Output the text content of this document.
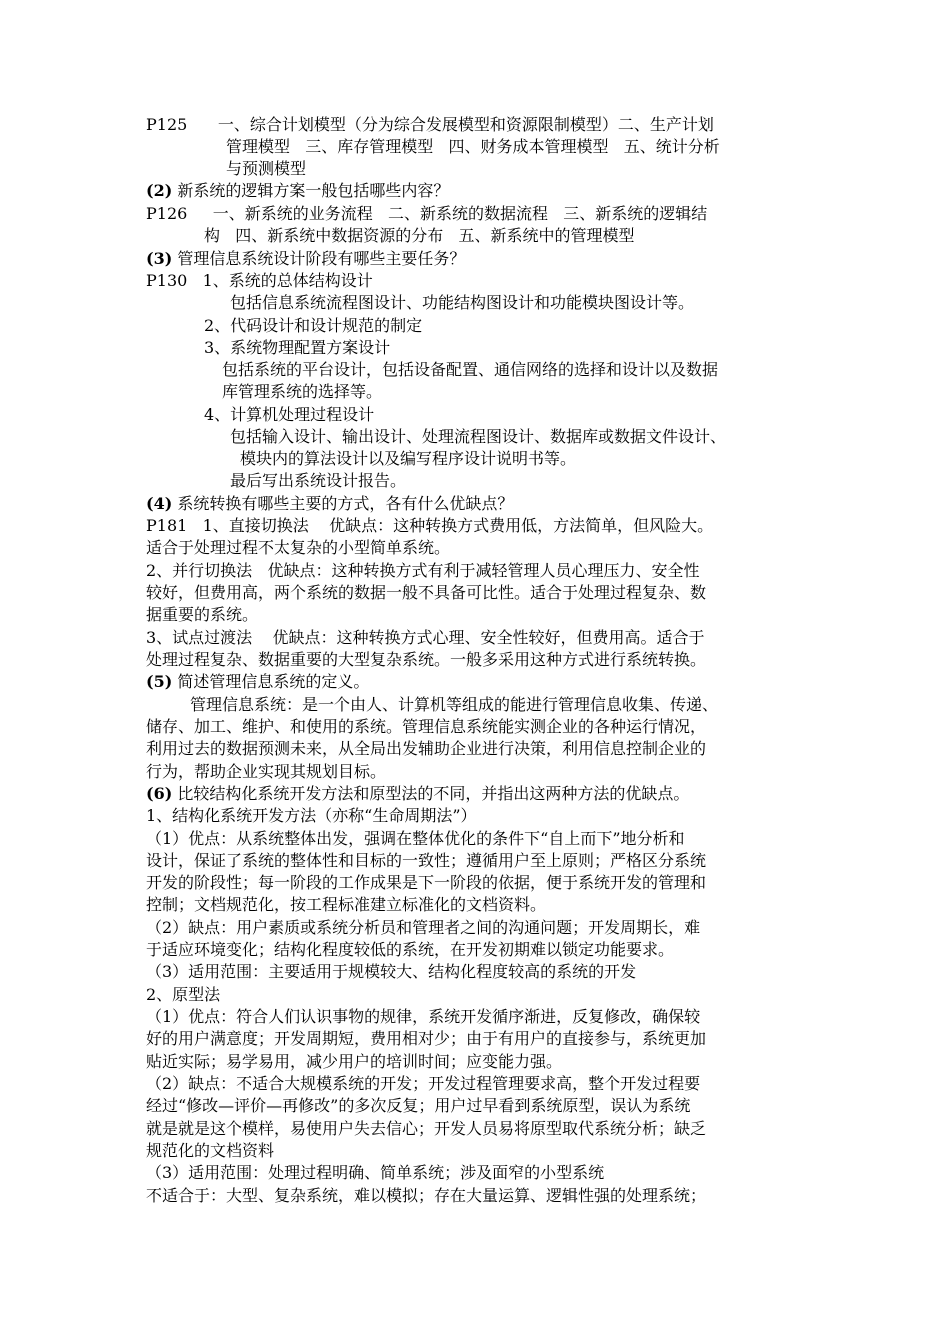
P125      一、综合计划模型（分为综合发展模型和资源限制模型）二、生产计划
管理模型   三、库存管理模型   四、财务成本管理模型   五、统计分析
与预测模型
(2) 新系统的逻辑方案一般包括哪些内容？
P126     一、新系统的业务流程   二、新系统的数据流程   三、新系统的逻辑结
构   四、新系统中数据资源的分布   五、新系统中的管理模型
(3) 管理信息系统设计阶段有哪些主要任务？
P130   1、系统的总体结构设计
包括信息系统流程图设计、功能结构图设计和功能模块图设计等。
2、代码设计和设计规范的制定
3、系统物理配置方案设计
包括系统的平台设计，包括设备配置、通信网络的选择和设计以及数据
库管理系统的选择等。
4、计算机处理过程设计
包括输入设计、输出设计、处理流程图设计、数据库或数据文件设计、
模块内的算法设计以及编写程序设计说明书等。
最后写出系统设计报告。
(4) 系统转换有哪些主要的方式，各有什么优缺点？
P181   1、直接切换法    优缺点：这种转换方式费用低，方法简单，但风险大。
适合于处理过程不太复杂的小型简单系统。
2、并行切换法   优缺点：这种转换方式有利于减轻管理人员心理压力、安全性
较好，但费用高，两个系统的数据一般不具备可比性。适合于处理过程复杂、数
据重要的系统。
3、试点过渡法    优缺点：这种转换方式心理、安全性较好，但费用高。适合于
处理过程复杂、数据重要的大型复杂系统。一般多采用这种方式进行系统转换。
(5) 简述管理信息系统的定义。
管理信息系统：是一个由人、计算机等组成的能进行管理信息收集、传递、
储存、加工、维护、和使用的系统。管理信息系统能实测企业的各种运行情况，
利用过去的数据预测未来，从全局出发辅助企业进行决策，利用信息控制企业的
行为，帮助企业实现其规划目标。
(6) 比较结构化系统开发方法和原型法的不同，并指出这两种方法的优缺点。
1、结构化系统开发方法（亦称“生命周期法”）
（1）优点：从系统整体出发，强调在整体优化的条件下“自上而下”地分析和
设计，保证了系统的整体性和目标的一致性；遵循用户至上原则；严格区分系统
开发的阶段性；每一阶段的工作成果是下一阶段的依据，便于系统开发的管理和
控制；文档规范化，按工程标准建立标准化的文档资料。
（2）缺点：用户素质或系统分析员和管理者之间的沟通问题；开发周期长，难
于适应环境变化；结构化程度较低的系统，在开发初期难以锁定功能要求。
（3）适用范围：主要适用于规模较大、结构化程度较高的系统的开发
2、原型法
（1）优点：符合人们认识事物的规律，系统开发循序渐进，反复修改，确保较
好的用户满意度；开发周期短，费用相对少；由于有用户的直接参与，系统更加
贴近实际；易学易用，减少用户的培训时间；应变能力强。
（2）缺点：不适合大规模系统的开发；开发过程管理要求高，整个开发过程要
经过“修改—评价—再修改”的多次反复；用户过早看到系统原型，误认为系统
就是就是这个模样，易使用户失去信心；开发人员易将原型取代系统分析；缺乏
规范化的文档资料
（3）适用范围：处理过程明确、简单系统；涉及面窄的小型系统
不适合于：大型、复杂系统，难以模拟；存在大量运算、逻辑性强的处理系统；
